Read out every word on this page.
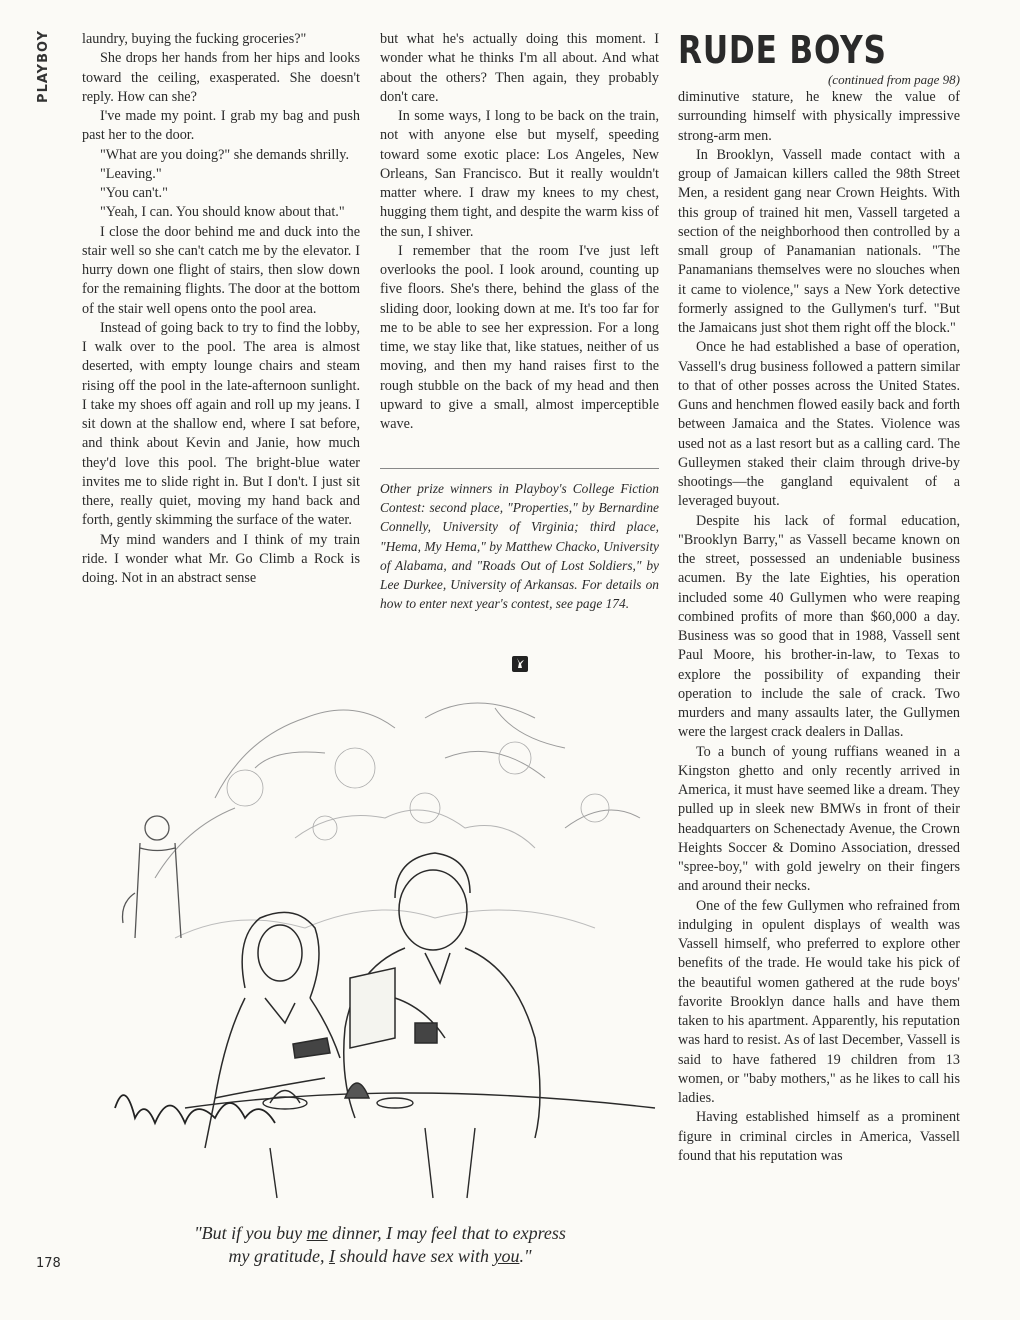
PLAYBOY	laundry, buying the fucking groceries?"

She drops her hands from her hips and looks toward the ceiling, exasperated. She doesn't reply. How can she?

I've made my point. I grab my bag and push past her to the door.

"What are you doing?" she demands shrilly.

"Leaving."

"You can't."

"Yeah, I can. You should know about that."

I close the door behind me and duck into the stair well so she can't catch me by the elevator. I hurry down one flight of stairs, then slow down for the remaining flights. The door at the bottom of the stair well opens onto the pool area.

Instead of going back to try to find the lobby, I walk over to the pool. The area is almost deserted, with empty lounge chairs and steam rising off the pool in the late-afternoon sunlight. I take my shoes off again and roll up my jeans. I sit down at the shallow end, where I sat before, and think about Kevin and Janie, how much they'd love this pool. The bright-blue water invites me to slide right in. But I don't. I just sit there, really quiet, moving my hand back and forth, gently skimming the surface of the water.

My mind wanders and I think of my train ride. I wonder what Mr. Go Climb a Rock is doing. Not in an abstract sense

but what he's actually doing this moment. I wonder what he thinks I'm all about. And what about the others? Then again, they probably don't care.

In some ways, I long to be back on the train, not with anyone else but myself, speeding toward some exotic place: Los Angeles, New Orleans, San Francisco. But it really wouldn't matter where. I draw my knees to my chest, hugging them tight, and despite the warm kiss of the sun, I shiver.

I remember that the room I've just left overlooks the pool. I look around, counting up five floors. She's there, behind the glass of the sliding door, looking down at me. It's too far for me to be able to see her expression. For a long time, we stay like that, like statues, neither of us moving, and then my hand raises first to the rough stubble on the back of my head and then upward to give a small, almost imperceptible wave.

Other prize winners in Playboy's College Fiction Contest: second place, "Properties," by Bernardine Connelly, University of Virginia; third place, "Hema, My Hema," by Matthew Chacko, University of Alabama, and "Roads Out of Lost Soldiers," by Lee Durkee, University of Arkansas. For details on how to enter next year's contest, see page 174.
RUDE BOYS
(continued from page 98)

diminutive stature, he knew the value of surrounding himself with physically impressive strong-arm men.

In Brooklyn, Vassell made contact with a group of Jamaican killers called the 98th Street Men, a resident gang near Crown Heights. With this group of trained hit men, Vassell targeted a section of the neighborhood then controlled by a small group of Panamanian nationals. "The Panamanians themselves were no slouches when it came to violence," says a New York detective formerly assigned to the Gullymen's turf. "But the Jamaicans just shot them right off the block."

Once he had established a base of operation, Vassell's drug business followed a pattern similar to that of other posses across the United States. Guns and henchmen flowed easily back and forth between Jamaica and the States. Violence was used not as a last resort but as a calling card. The Gulleymen staked their claim through drive-by shootings—the gangland equivalent of a leveraged buyout.

Despite his lack of formal education, "Brooklyn Barry," as Vassell became known on the street, possessed an undeniable business acumen. By the late Eighties, his operation included some 40 Gullymen who were reaping combined profits of more than $60,000 a day. Business was so good that in 1988, Vassell sent Paul Moore, his brother-in-law, to Texas to explore the possibility of expanding their operation to include the sale of crack. Two murders and many assaults later, the Gullymen were the largest crack dealers in Dallas.

To a bunch of young ruffians weaned in a Kingston ghetto and only recently arrived in America, it must have seemed like a dream. They pulled up in sleek new BMWs in front of their headquarters on Schenectady Avenue, the Crown Heights Soccer & Domino Association, dressed "spree-boy," with gold jewelry on their fingers and around their necks.

One of the few Gullymen who refrained from indulging in opulent displays of wealth was Vassell himself, who preferred to explore other benefits of the trade. He would take his pick of the beautiful women gathered at the rude boys' favorite Brooklyn dance halls and have them taken to his apartment. Apparently, his reputation was hard to resist. As of last December, Vassell is said to have fathered 19 children from 13 women, or "baby mothers," as he likes to call his ladies.

Having established himself as a prominent figure in criminal circles in America, Vassell found that his reputation was

"But if you buy me dinner, I may feel that to express
my gratitude, I should have sex with you."
178
